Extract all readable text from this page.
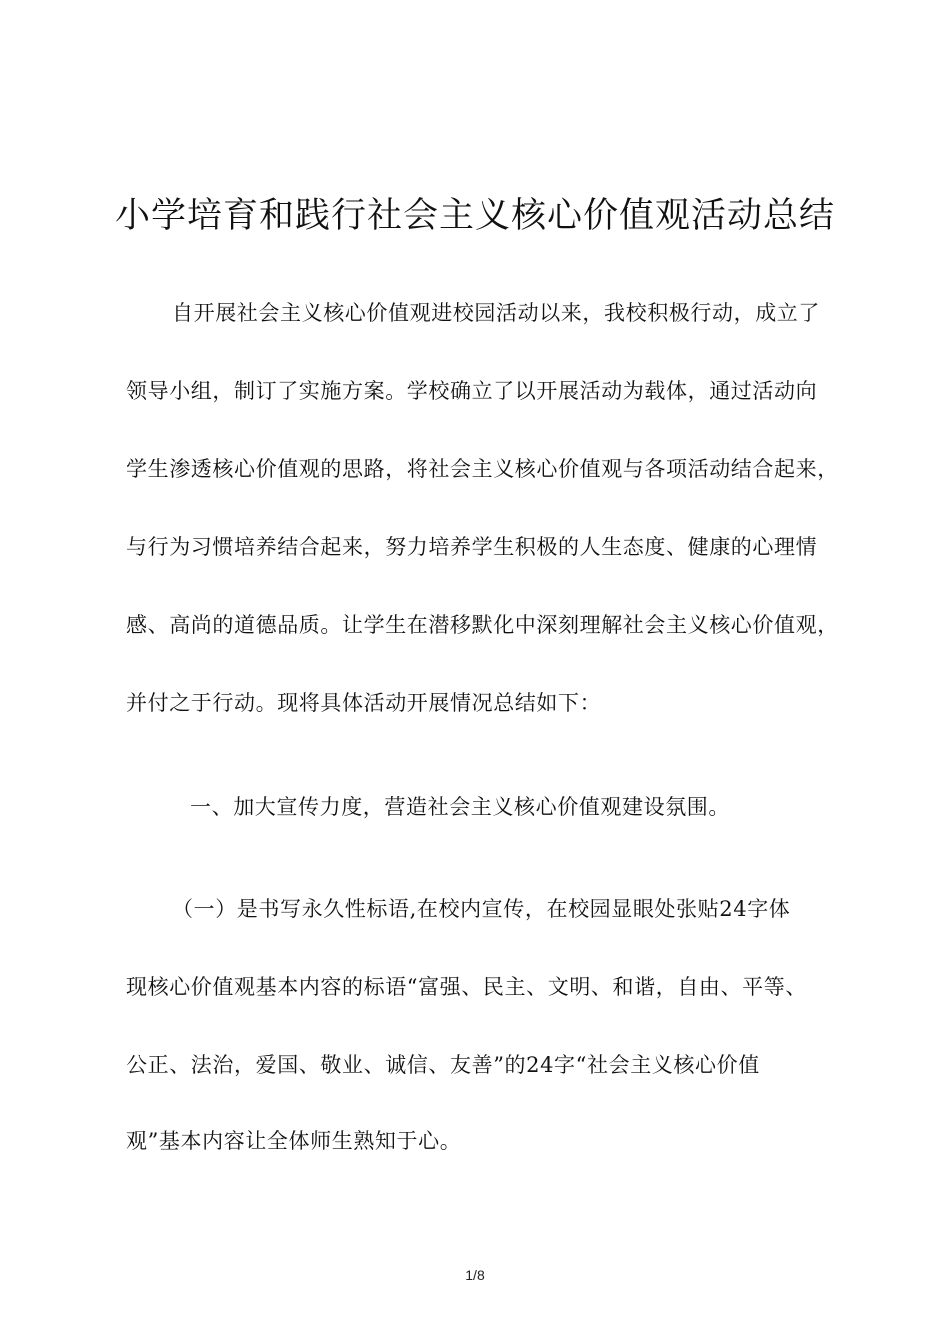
小学培育和践行社会主义核心价值观活动总结
自开展社会主义核心价值观进校园活动以来，我校积极行动，成立了
领导小组，制订了实施方案。学校确立了以开展活动为载体，通过活动向
学生渗透核心价值观的思路，将社会主义核心价值观与各项活动结合起来，
与行为习惯培养结合起来，努力培养学生积极的人生态度、健康的心理情
感、高尚的道德品质。让学生在潜移默化中深刻理解社会主义核心价值观，
并付之于行动。现将具体活动开展情况总结如下：
一、加大宣传力度，营造社会主义核心价值观建设氛围。
（一）是书写永久性标语,在校内宣传，在校园显眼处张贴24字体
现核心价值观基本内容的标语“富强、民主、文明、和谐，自由、平等、
公正、法治，爱国、敬业、诚信、友善”的24字“社会主义核心价值
观”基本内容让全体师生熟知于心。
1/8
